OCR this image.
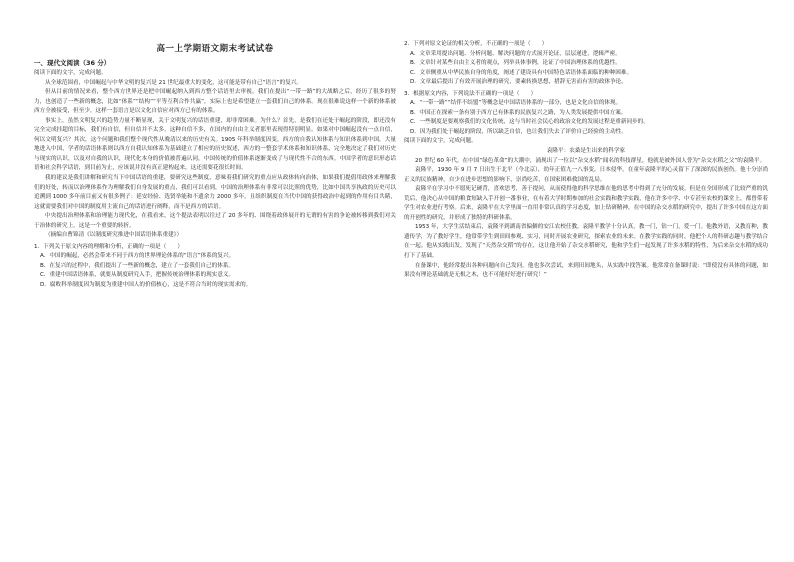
高一上学期语文期末考试试卷
一、现代文阅读（36 分）

阅读下面的文字，完成问题。

从全球范围看，中国崛起与中华文明的复兴是 21 世纪最重大的变化，这可能是带有自己“语言”的复兴。

但从目前的情况来看，整个西方世界还是把中国崛起纳入到西方整个话语里去审视。我们在提出“一带一路”的大战略之后，经历了很多的努力，也创造了一些新的概念，比如“体系”“结构”“平等互利合作共赢”，实际上也是希望建立一套我们自己的体系。现在很难说这样一个新的体系被西方全被接受，但至少，这样一套语言是以文化自信应对西方已有的体系。

事实上，虽然文明复兴的趋势力量不断显现，关于文明复兴的话语重建，却非常困难。为什么？首先，是我们在还处于崛起的阶段，即还没有完全完成挂超的目标，我们有自信，但自信并不太多。这种自信不多，在国内的自由主义者那里表现得特别明显。如果对中国崛起没有一点自信，何以文明复兴？其次，这个问题和我们整个现代性从晚清以来的历史有关。1905 年科举制度因变，西方的自我认知体系与知识体系到中国，大量地进入中国，学者的话语体系则以西方自我认知体系为基础建立了相应的历史叙述，西方的一整套学术体系和知识体系，完全地决定了我们对历史与现实的认识，以及对自我的认识，现代化本身的价值被普遍认同，中国传统的价值体系逐渐变成了与现代性不合的东西。中国学者的意识形态话语和社会科学话语，到目前为止，应该说并没有真正建构起来，这还需要花很长时间。

我的建议是我们讲解和研究当下中国话语的重建，要研究这些制度，意味着我们研究的重点应从政体转向治体，如果我们提倡用政体来理解我们的好处，转而以治理体系作为理解我们自身发展的重点，我们可以看到，中国的治理体系有非常可以比照的优势，比如中国共享执政的历史可以追溯到 1000 多年前目前又有很多例子：延安经验、选贤举能和不遗余力 2000 多年，且组织制度在当代中国的获得政治中起到的作用有目共睹，这就需要我们对中国的制度用主流自己的话语进行阐释，而不是西方的话语。

中央提出治理体系和治理能力现代化，在我看来，这个提法表明以往过了 20 多年的、围绕着政体展开的无谓的有害的争论被转移到我们对关于治体的研究上，这是一个重要的转折。

（摘编自曹锦清《以制度研究推进中国话语体系重建》）

1．下列关于原文内容的理解和分析，正确的一项是（　　）

A．中国的崛起，必然会带来不同于西方的世界理论体系的“语言”体系的复兴。

B．在复兴的过程中，我们提出了一些新的概念，建立了一套我们自己的体系。

C．重建中国话语体系，就要从制度研究入手，把握传统治理体系的现实意义。

D．腐败科举制度因为制度为重建中国人的价值核心，这是不符合当时的现实需求的。

2．下列对原文论证的相关分析，不正确的一项是（　　）

A．文章采用提出问题、分析问题、解决问题的方式展开论证，层层递进，逻辑严密。

B．文章针对某些自由主义者的观点，列举具体事例，论证了中国治理体系的优越性。

C．文章侧重从中华民族自身的角度，阐述了建设具有中国特色话语体系面临的种种困难。

D．文章最后提出了有效开展治理的研究，要素转换思想，措辞无害而有害的政体争论。

3．根据原文内容，下列说法不正确的一项是（　　）

A．“一带一路”“结伴不结盟”等概念是中国话语体系的一部分，也是文化自信的体现。

B．中国正在探索一条有别于西方已有体系的民族复兴之路，为人类发展提供中国方案。

C．一些制度是要观察我们的文化传统，这与当时社会民心的政治文化的发展过程是重新同步的。

D．因为我们处于崛起的阶段，所以缺乏自信，也让我们失去了评价自己经验的主动性。

阅读下面的文字，完成问题。

袁隆平：农桑是生出来的科学家

20 世纪 60 年代，在中国“绿色革命”的大潮中，涌现出了一位以“杂交水稻”闻名的科技群星，他就是被外国人誉为“杂交水稻之父”的袁隆平。

袁隆平，1930 年 9 月 7 日出生于北平（今北京），幼年正值九一八事变，日本侵华，在童年袁隆平的心灵留下了深深的民族创伤。他十分崇尚正义的民族精神，自少在进步思想的影响下，崇尚吃苦，在国家困难救国的乱局。

袁隆平在学习中不愿死记硬背，喜欢思考，善于提问，从而使得他的科学思维在他的思考中得到了充分的发展。但是在全国形成了比较严重的饥荒后，他决心从中国的粮食短缺入手开创一番事业，在有着大学时期参加的社会实践和教学实践，他在许多中学、中专甚至农校的课堂上，都曾带着学生对农业进行考察。后来，袁隆平在大学里面一直用非常认真的学习态度，加上钻研精神，在中国的杂交水稻的研究中，提出了许多中国在这方面的开创性的研究，并形成了独特的科研体系。

1953 年，大学生活结束后，袁隆平到湖南省偏僻的安江农校任教。袁隆平教学十分认真，教一门，钻一门，爱一门。他教外语，又教育种，教遗传学，为了教好学生，他常带学生到田间参观、实习，同时开展农业研究，探索农业的未来。在教学实践的同时，他把个人的科研志趣与教学结合在一起。他从实践出发，发现了“天然杂交稻”的存在，这让他开始了杂交水稻研究，他和学生们一起发现了许多水稻的特性，为后来杂交水稻的成功打下了基础。

在备课中，他经常提出各种问题向自己发问。他也多次尝试，来到田间地头，从实践中找答案。他常常在备课时说：“即使没有具体的问题，如果没有理论基础就是无根之木，也不可能好好进行研究！”
